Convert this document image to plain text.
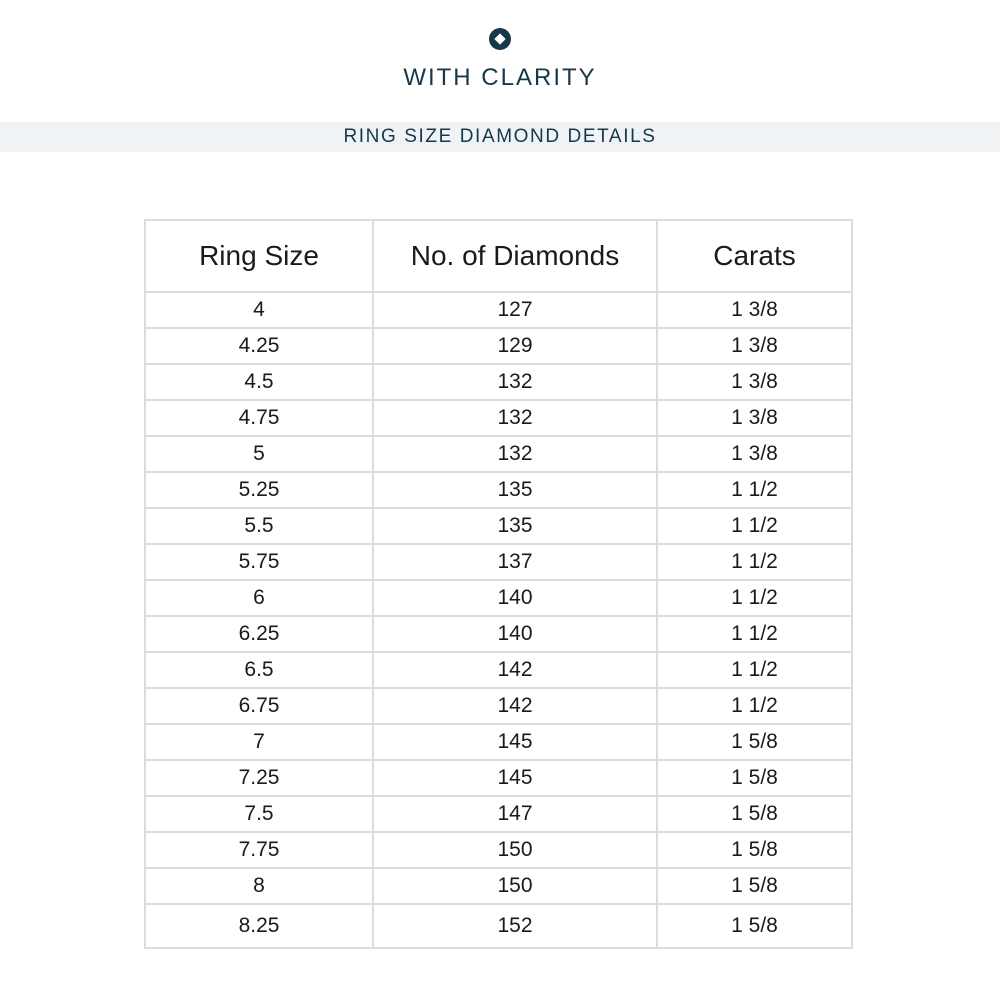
WITH CLARITY
RING SIZE DIAMOND DETAILS
Ring Size	No. of Diamonds	Carats
4	127	1 3/8
4.25	129	1 3/8
4.5	132	1 3/8
4.75	132	1 3/8
5	132	1 3/8
5.25	135	1 1/2
5.5	135	1 1/2
5.75	137	1 1/2
6	140	1 1/2
6.25	140	1 1/2
6.5	142	1 1/2
6.75	142	1 1/2
7	145	1 5/8
7.25	145	1 5/8
7.5	147	1 5/8
7.75	150	1 5/8
8	150	1 5/8
8.25	152	1 5/8
